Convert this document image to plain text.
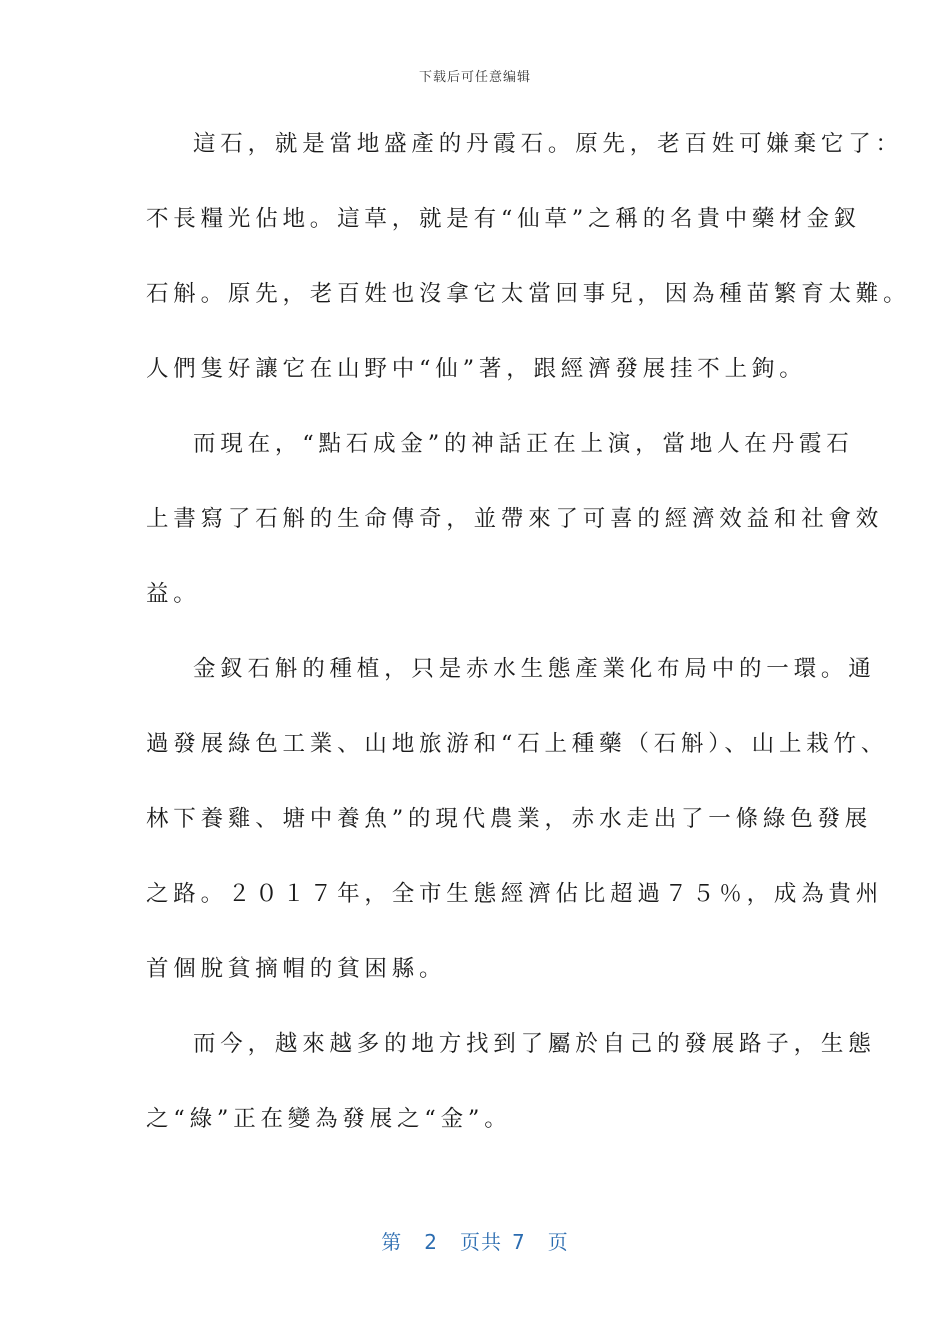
下载后可任意编辑
這石，就是當地盛產的丹霞石。原先，老百姓可嫌棄它了：
不長糧光佔地。這草，就是有“仙草”之稱的名貴中藥材金釵
石斛。原先，老百姓也沒拿它太當回事兒，因為種苗繁育太難。
人們隻好讓它在山野中“仙”著，跟經濟發展挂不上鉤。
而現在，“點石成金”的神話正在上演，當地人在丹霞石
上書寫了石斛的生命傳奇，並帶來了可喜的經濟效益和社會效
益。
金釵石斛的種植，只是赤水生態產業化布局中的一環。通
過發展綠色工業、山地旅游和“石上種藥（石斛）、山上栽竹、
林下養雞、塘中養魚”的現代農業，赤水走出了一條綠色發展
之路。２０１７年，全市生態經濟佔比超過７５％，成為貴州
首個脫貧摘帽的貧困縣。
而今，越來越多的地方找到了屬於自己的發展路子，生態
之“綠”正在變為發展之“金”。
第 2 页共 7 页
